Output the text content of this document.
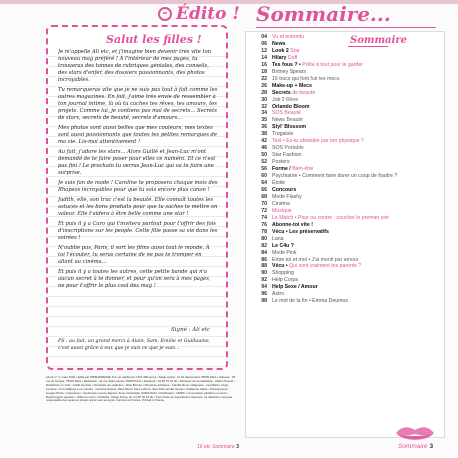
Édito !
Salut les filles !

Je m'appelle Ali etc, et j'imagine bien devenir très vite ton nouveau mag préféré ! À l'intérieur de mes pages, tu trouveras des tonnes de rubriques géniales, des conseils, des stars d'enfer, des dossiers passionnants, des photos incroyables.

Tu remarqueras vite que je ne suis pas tout à fait comme les autres magazines. En fait, j'aime très envie de ressembler à ton journal intime, là où tu caches tes rêves, tes amours, tes projets. Comme lui, je contiens pas mal de secrets... Secrets de stars, secrets de beauté, secrets d'amours...

Mes photos sont aussi belles que mes couleurs, mes textes sont aussi passionnants que toutes tes petites remarques de ma vie. Lis-moi attentivement !

Au fait, j'adore les stars... Alors Guillé et Jean-Luc m'ont demandé de te faire poser pour elles ce numéro. Et ce n'est pas fini ! Le prochain tu verras Jean-Luc qui va te faire une surprise.

Je suis fan de mode ! Caroline te proposera chaque mois des Rhapsos incroyables pour que tu sois encore plus canon !

Judith, elle, son truc c'est la beauté. Elle connaît toutes les astuces et les bons produits pour que tu saches te mettre en valeur. Elle t'aidera à être belle comme une star !

Et puis il y a Caro qui t'invitera partout pour t'offrir des fois d'inscriptions sur les people. Cette fille passe sa vie dans les soirées !

N'oublie pas, Paris, il sort les films aussi tout le monde. À toi l'écouter, tu seras certaine de ne pas te tromper en allant au cinéma...

Et puis il y a toutes les autres, cette petite bande qui n'a aucun secret à te donner, et pour qu'on sera à mes pages, ne pour t'offrir le plus cool des mag !

Signé : Ali etc
PS : au fait, un grand merci à Alain, Sam, Emilie et Guillaume, c'est aussi grâce à eux que je suis ce que je suis...
Ali etc n° 1, mars 2004 • Édité par PRIMAPRESSE S.A. au capital de 1 524 490 euros • Siège social : 21 bd Haussmann 75009 Paris • Adresse : 33 rue du Temple, 75004 Paris • Rédaction : 31 rue Saint-Lazare 75009 Paris • Standard : 01 48 76 04 00 • Directeur de la publication : Martin Pascal • Rédactrice en chef : Judith Gervais • Secrétaire de rédaction : Alice Bonnet • Directrice artistique : Camille Roux • Maquette : Léa Martin, Hugo Lemaire • Ont collaboré à ce numéro : Caroline Dupuis, Paris Morin, Caro Lefèvre, Sam Petit, Emilie Garnier, Guillaume Fabre • Photogravure : Images Photo • Impression : Imprimerie Léonce Deprez, Zone industrielle, 62620 Ruitz • Distribution : NMPP • Commission paritaire en cours • Dépôt légal à parution • ISSN en cours • Publicité : Régie Prima, tél. 01 56 78 12 00 • Tous droits de reproduction réservés. La rédaction n'est pas responsable des textes et photos qui lui sont envoyés. Imprimé en France. Printed in France.
16 etc Sommaire 3
Sommaire...
04 Vu et entendu
06 News
12 Look 2 Star
14 Hilary Duff
16 Tes fous ? • Prête à tout pour le garder
18 Britney Spears
22 16 trucs qui font fuir les mecs
26 Make-up + Mecs
28 Secrets de beauté
30 Job 2 Rêve
32 Orlando Bloom
34 SOS Beauté
35 News Beauté
36 Styl' Blossom
38 Trogalule
42 Test • Es-tu obsédée par ton physique ?
46 SOS Portable
50 Star Fashion
52 Posters
56 Forme / Bien-être
60 Psychiatrie • Comment faire durer un coup de foudre ?
64 Étoile
66 Concours
68 Mode Flashy
70 Cinéma
72 Musique
74 Le Match • Pour ou contre : coucher le premier soir
76 Abonne-toi vite !
78 Vécu • Les préservatifs
80 Lana
82 Le C4u ?
84 Mode Pink
86 Entre toi et moi • J'ai menti par amour
88 Vécu • Qui sont vraiment tes parents ?
90 Shopping
92 Help Corps
94 Help Sexe / Amour
96 Astro
98 Le mot de la fin • Emma Deumos
Sommaire
Sommaire 3
